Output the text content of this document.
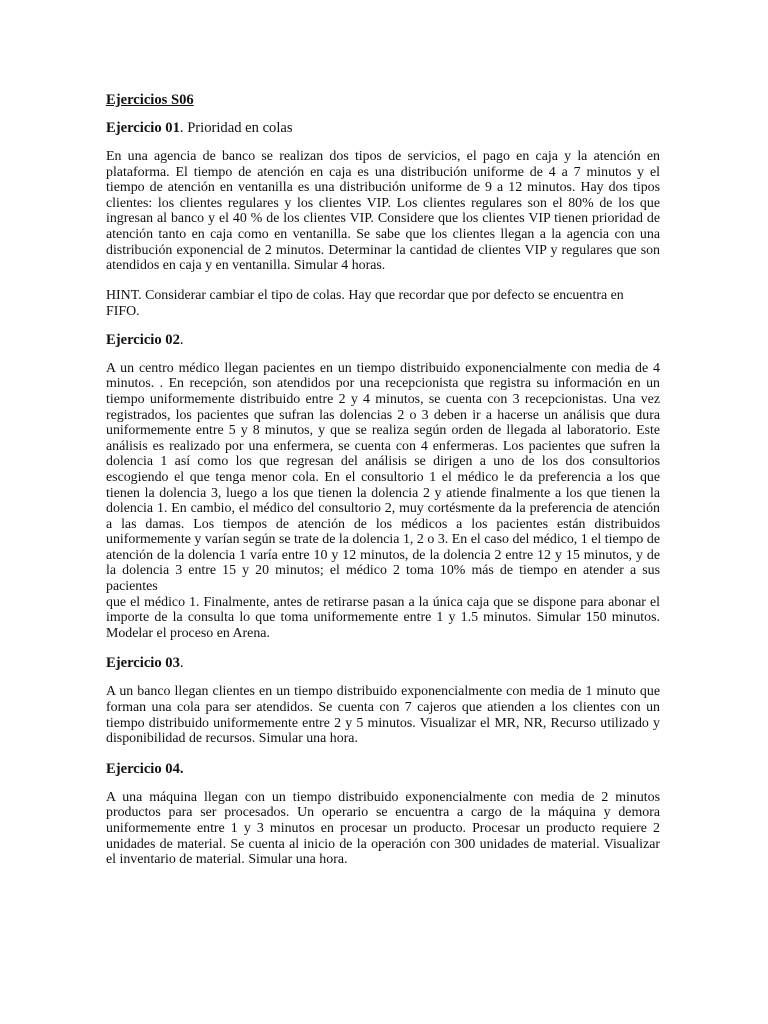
Ejercicios S06
Ejercicio 01. Prioridad en colas

En una agencia de banco se realizan dos tipos de servicios, el pago en caja y la atención en plataforma. El tiempo de atención en caja es una distribución uniforme de 4 a 7 minutos y el tiempo de atención en ventanilla es una distribución uniforme de 9 a 12 minutos. Hay dos tipos clientes: los clientes regulares y los clientes VIP. Los clientes regulares son el 80% de los que ingresan al banco y el 40 % de los clientes VIP. Considere que los clientes VIP tienen prioridad de atención tanto en caja como en ventanilla. Se sabe que los clientes llegan a la agencia con una distribución exponencial de 2 minutos. Determinar la cantidad de clientes VIP y regulares que son atendidos en caja y en ventanilla. Simular 4 horas.

HINT. Considerar cambiar el tipo de colas. Hay que recordar que por defecto se encuentra en FIFO.
Ejercicio 02.

A un centro médico llegan pacientes en un tiempo distribuido exponencialmente con media de 4 minutos. . En recepción, son atendidos por una recepcionista que registra su información en un tiempo uniformemente distribuido entre 2 y 4 minutos, se cuenta con 3 recepcionistas. Una vez registrados, los pacientes que sufran las dolencias 2 o 3 deben ir a hacerse un análisis que dura uniformemente entre 5 y 8 minutos, y que se realiza según orden de llegada al laboratorio. Este análisis es realizado por una enfermera, se cuenta con 4 enfermeras. Los pacientes que sufren la dolencia 1 así como los que regresan del análisis se dirigen a uno de los dos consultorios escogiendo el que tenga menor cola. En el consultorio 1 el médico le da preferencia a los que tienen la dolencia 3, luego a los que tienen la dolencia 2 y atiende finalmente a los que tienen la dolencia 1. En cambio, el médico del consultorio 2, muy cortésmente da la preferencia de atención a las damas. Los tiempos de atención de los médicos a los pacientes están distribuidos uniformemente y varían según se trate de la dolencia 1, 2 o 3. En el caso del médico, 1 el tiempo de atención de la dolencia 1 varía entre 10 y 12 minutos, de la dolencia 2 entre 12 y 15 minutos, y de la dolencia 3 entre 15 y 20 minutos; el médico 2 toma 10% más de tiempo en atender a sus pacientes

que el médico 1. Finalmente, antes de retirarse pasan a la única caja que se dispone para abonar el importe de la consulta lo que toma uniformemente entre 1 y 1.5 minutos. Simular 150 minutos. Modelar el proceso en Arena.

Ejercicio 03.

A un banco llegan clientes en un tiempo distribuido exponencialmente con media de 1 minuto que forman una cola para ser atendidos. Se cuenta con 7 cajeros que atienden a los clientes con un tiempo distribuido uniformemente entre 2 y 5 minutos. Visualizar el MR, NR, Recurso utilizado y disponibilidad de recursos. Simular una hora.

Ejercicio 04.

A una máquina llegan con un tiempo distribuido exponencialmente con media de 2 minutos productos para ser procesados. Un operario se encuentra a cargo de la máquina y demora uniformemente entre 1 y 3 minutos en procesar un producto. Procesar un producto requiere 2 unidades de material. Se cuenta al inicio de la operación con 300 unidades de material. Visualizar el inventario de material. Simular una hora.
